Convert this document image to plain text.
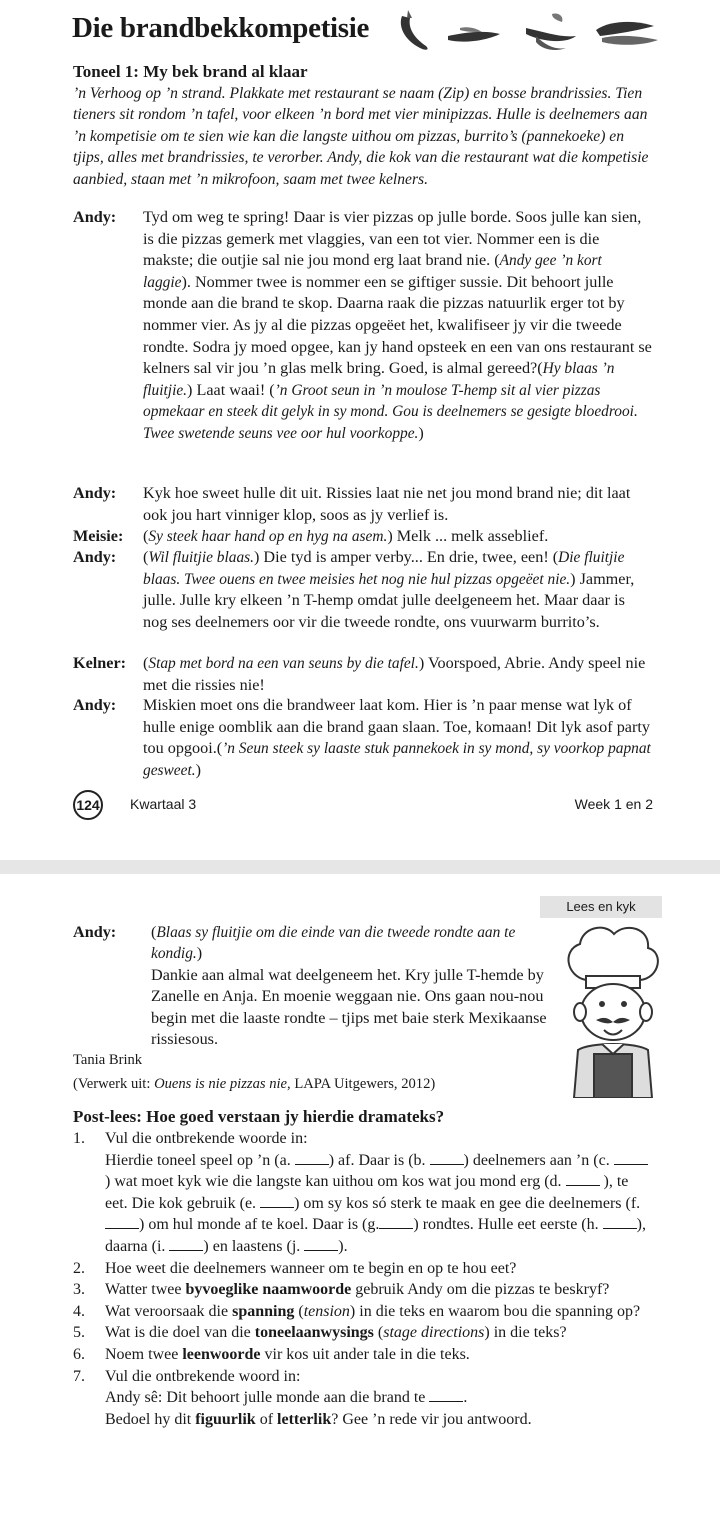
Die brandbekkompetisie
Toneel 1: My bek brand al klaar
’n Verhoog op ’n strand. Plakkate met restaurant se naam (Zip) en bosse brandrissies. Tien tieners sit rondom ’n tafel, voor elkeen ’n bord met vier minipizzas. Hulle is deelnemers aan ’n kompetisie om te sien wie kan die langste uithou om pizzas, burrito’s (pannekoeke) en tjips, alles met brandrissies, te verorber. Andy, die kok van die restaurant wat die kompetisie aanbied, staan met ’n mikrofoon, saam met twee kelners.
Andy: Tyd om weg te spring! Daar is vier pizzas op julle borde. Soos julle kan sien, is die pizzas gemerk met vlaggies, van een tot vier. Nommer een is die makste; die outjie sal nie jou mond erg laat brand nie. (Andy gee ’n kort laggie). Nommer twee is nommer een se giftiger sussie. Dit behoort julle monde aan die brand te skop. Daarna raak die pizzas natuurlik erger tot by nommer vier. As jy al die pizzas opgeëet het, kwalifiseer jy vir die tweede rondte. Sodra jy moed opgee, kan jy hand opsteek en een van ons restaurant se kelners sal vir jou ’n glas melk bring. Goed, is almal gereed?(Hy blaas ’n fluitjie.) Laat waai! (’n Groot seun in ’n moulose T-hemp sit al vier pizzas opmekaar en steek dit gelyk in sy mond. Gou is deelnemers se gesigte bloedrooi. Twee swetende seuns vee oor hul voorkoppe.)
Andy: Kyk hoe sweet hulle dit uit. Rissies laat nie net jou mond brand nie; dit laat ook jou hart vinniger klop, soos as jy verlief is.
Meisie: (Sy steek haar hand op en hyg na asem.) Melk ... melk asseblief.
Andy: (Wil fluitjie blaas.) Die tyd is amper verby... En drie, twee, een! (Die fluitjie blaas. Twee ouens en twee meisies het nog nie hul pizzas opgeëet nie.) Jammer, julle. Julle kry elkeen ’n T-hemp omdat julle deelgeneem het. Maar daar is nog ses deelnemers oor vir die tweede rondte, ons vuurwarm burrito’s.
Kelner: (Stap met bord na een van seuns by die tafel.) Voorspoed, Abrie. Andy speel nie met die rissies nie!
Andy: Miskien moet ons die brandweer laat kom. Hier is ’n paar mense wat lyk of hulle enige oomblik aan die brand gaan slaan. Toe, komaan! Dit lyk asof party tou opgooi.(’n Seun steek sy laaste stuk pannekoek in sy mond, sy voorkop papnat gesweet.)
124 Kwartaal 3	Week 1 en 2
Lees en kyk
Andy: (Blaas sy fluitjie om die einde van die tweede rondte aan te kondig.)
Dankie aan almal wat deelgeneem het. Kry julle T-hemde by Zanelle en Anja. En moenie weggaan nie. Ons gaan nou-nou begin met die laaste rondte – tjips met baie sterk Mexikaanse rissiesous.
Tania Brink
(Verwerk uit: Ouens is nie pizzas nie, LAPA Uitgewers, 2012)
Post-lees: Hoe goed verstaan jy hierdie dramateks?
1. Vul die ontbrekende woorde in:
Hierdie toneel speel op ’n (a. ) af. Daar is (b. ) deelnemers aan ’n (c.  ) wat moet kyk wie die langste kan uithou om kos wat jou mond erg (d.  ), te eet. Die kok gebruik (e. ) om sy kos só sterk te maak en gee die deelnemers (f. ) om hul monde af te koel. Daar is (g. ) rondtes. Hulle eet eerste (h. ), daarna (i. ) en laastens (j. ).
2. Hoe weet die deelnemers wanneer om te begin en op te hou eet?
3. Watter twee byvoeglike naamwoorde gebruik Andy om die pizzas te beskryf?
4. Wat veroorsaak die spanning (tension) in die teks en waarom bou die spanning op?
5. Wat is die doel van die toneelaanwysings (stage directions) in die teks?
6. Noem twee leenwoorde vir kos uit ander tale in die teks.
7. Vul die ontbrekende woord in:
Andy sê: Dit behoort julle monde aan die brand te .
Bedoel hy dit figuurlik of letterlik? Gee ’n rede vir jou antwoord.
